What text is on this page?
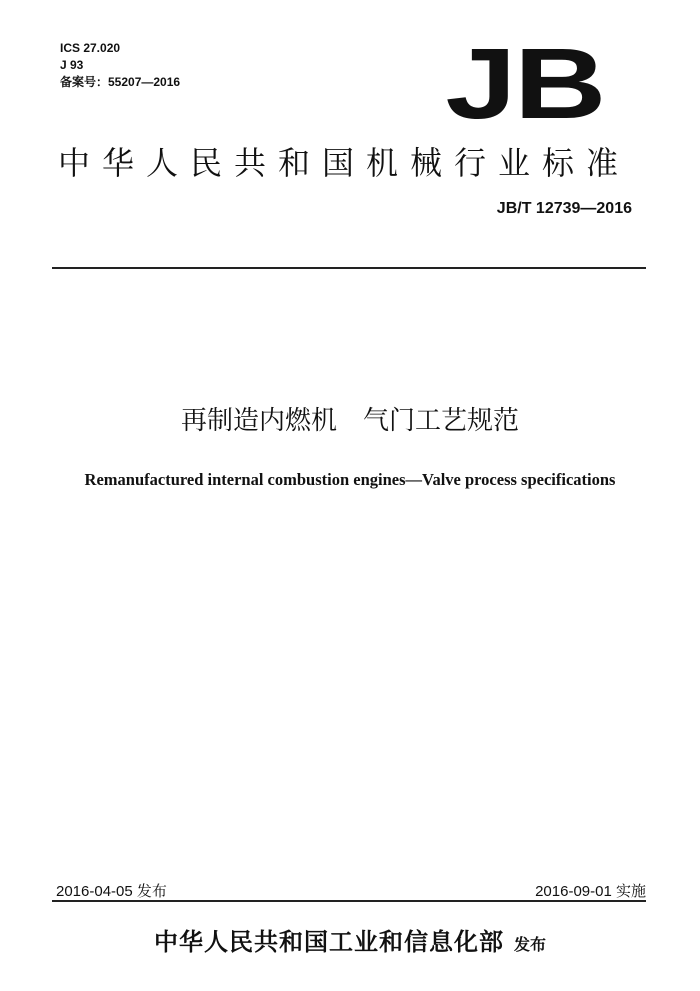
ICS 27.020
J 93
备案号：55207—2016	JB
中华人民共和国机械行业标准
JB/T 12739—2016
再制造内燃机　气门工艺规范
Remanufactured internal combustion engines—Valve process specifications
2016-04-05 发布	2016-09-01 实施
中华人民共和国工业和信息化部 发布
